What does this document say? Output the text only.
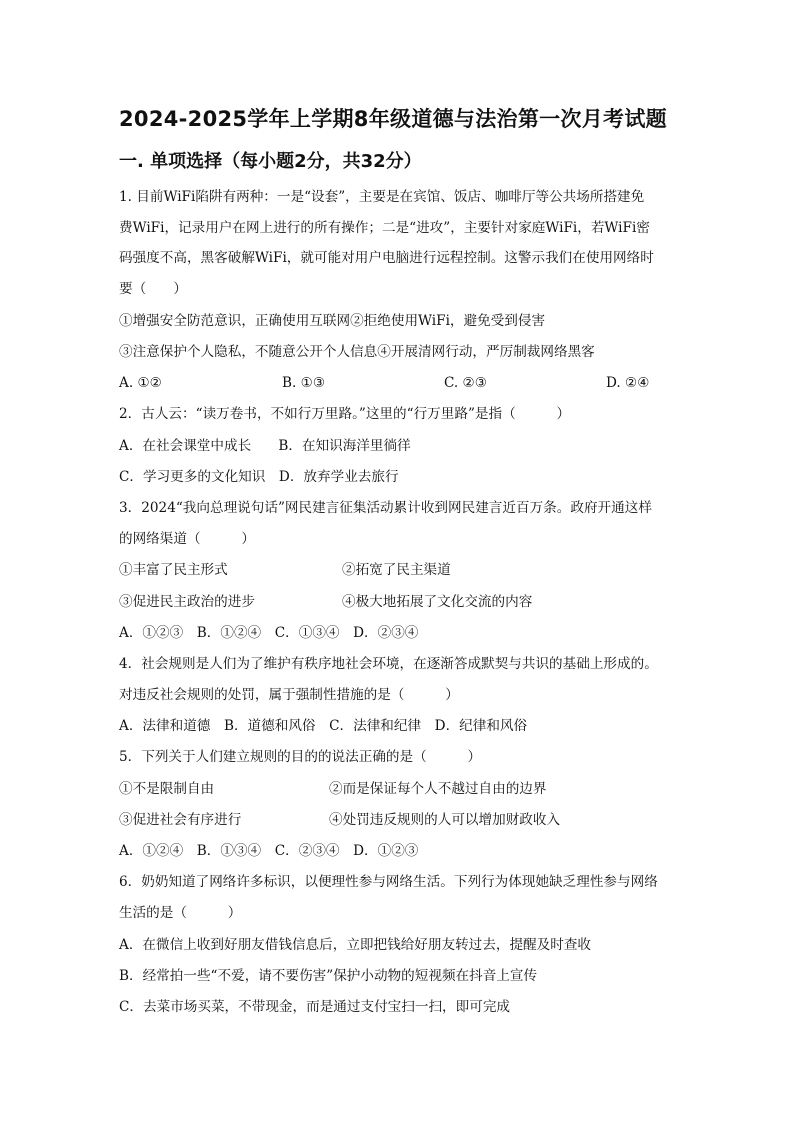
2024-2025学年上学期8年级道德与法治第一次月考试题
一. 单项选择（每小题2分，共32分）
1. 目前WiFi陷阱有两种：一是“设套”，主要是在宾馆、饭店、咖啡厅等公共场所搭建免
费WiFi，记录用户在网上进行的所有操作；二是“进攻”，主要针对家庭WiFi，若WiFi密
码强度不高，黑客破解WiFi，就可能对用户电脑进行远程控制。这警示我们在使用网络时
要（　　）
①增强安全防范意识，正确使用互联网②拒绝使用WiFi，避免受到侵害
③注意保护个人隐私，不随意公开个人信息④开展清网行动，严厉制裁网络黑客
A. ①②	B. ①③	C. ②③	D. ②④
2．古人云：“读万卷书，不如行万里路。”这里的“行万里路”是指（　　　）
A．在社会课堂中成长　　B．在知识海洋里徜徉
C．学习更多的文化知识　D．放弃学业去旅行
3．2024“我向总理说句话”网民建言征集活动累计收到网民建言近百万条。政府开通这样
的网络渠道（　　　）
①丰富了民主形式	②拓宽了民主渠道
③促进民主政治的进步	④极大地拓展了文化交流的内容
A．①②③　B．①②④　C．①③④　D．②③④
4．社会规则是人们为了维护有秩序地社会环境，在逐渐答成默契与共识的基础上形成的。
对违反社会规则的处罚，属于强制性措施的是（　　　）
A．法律和道德　B．道德和风俗　C．法律和纪律　D．纪律和风俗
5．下列关于人们建立规则的目的的说法正确的是（　　　）
①不是限制自由	②而是保证每个人不越过自由的边界
③促进社会有序进行	④处罚违反规则的人可以增加财政收入
A．①②④　B．①③④　C．②③④　D．①②③
6．奶奶知道了网络许多标识，以便理性参与网络生活。下列行为体现她缺乏理性参与网络
生活的是（　　　）
A．在微信上收到好朋友借钱信息后，立即把钱给好朋友转过去，提醒及时查收
B．经常拍一些“不爱，请不要伤害”保护小动物的短视频在抖音上宣传
C．去菜市场买菜，不带现金，而是通过支付宝扫一扫，即可完成
